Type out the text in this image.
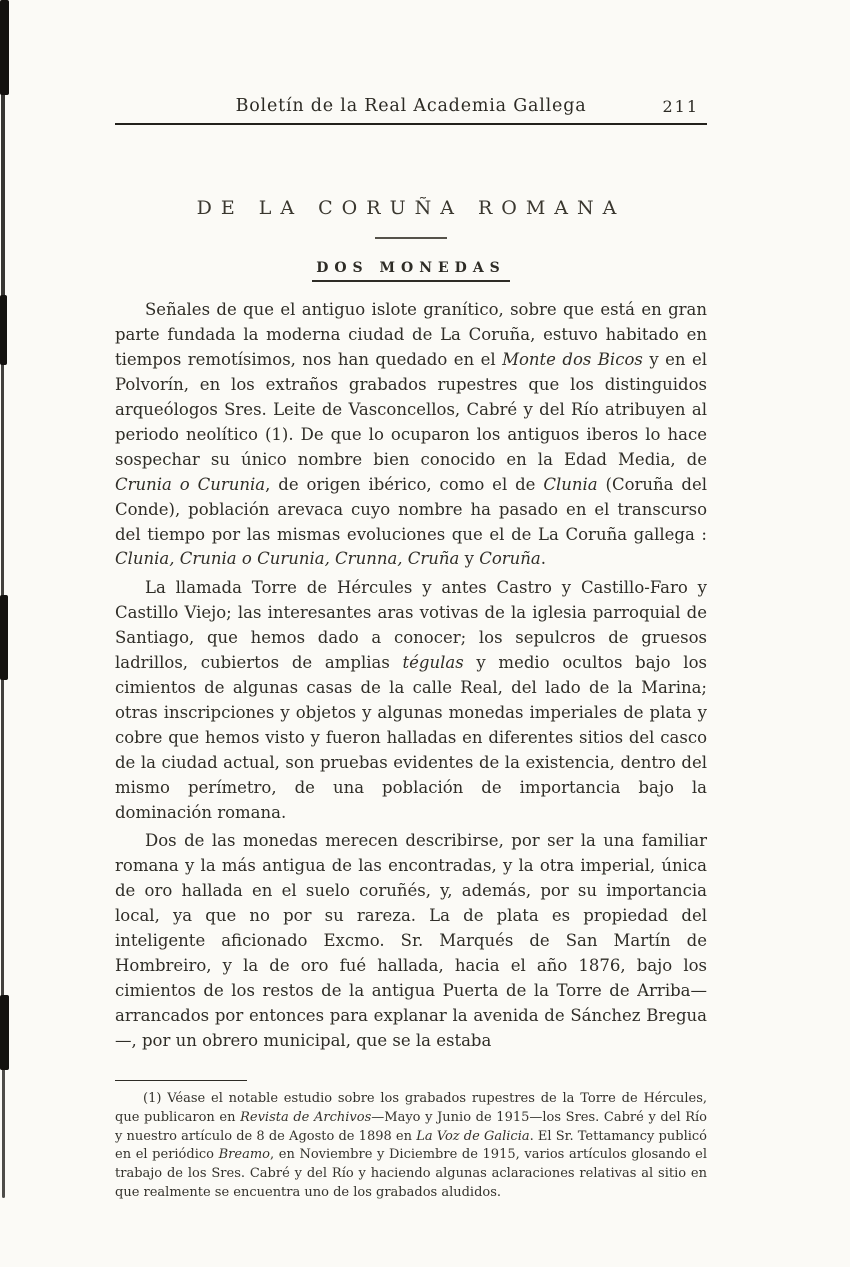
Boletín de la Real Academia Gallega	211
DE LA CORUÑA ROMANA
DOS MONEDAS

Señales de que el antiguo islote granítico, sobre que está en gran parte fundada la moderna ciudad de La Coruña, estuvo habitado en tiempos remotísimos, nos han quedado en el Monte dos Bicos y en el Polvorín, en los extraños grabados rupestres que los distinguidos arqueólogos Sres. Leite de Vasconcellos, Cabré y del Río atribuyen al periodo neolítico (1). De que lo ocuparon los antiguos iberos lo hace sospechar su único nombre bien conocido en la Edad Media, de Crunia o Curunia, de origen ibérico, como el de Clunia (Coruña del Conde), población arevaca cuyo nombre ha pasado en el transcurso del tiempo por las mismas evoluciones que el de La Coruña gallega : Clunia, Crunia o Curunia, Crunna, Cruña y Coruña.

La llamada Torre de Hércules y antes Castro y Castillo-Faro y Castillo Viejo; las interesantes aras votivas de la iglesia parroquial de Santiago, que hemos dado a conocer; los sepulcros de gruesos ladrillos, cubiertos de amplias tégulas y medio ocultos bajo los cimientos de algunas casas de la calle Real, del lado de la Marina; otras inscripciones y objetos y algunas monedas imperiales de plata y cobre que hemos visto y fueron halladas en diferentes sitios del casco de la ciudad actual, son pruebas evidentes de la existencia, dentro del mismo perímetro, de una población de importancia bajo la dominación romana.

Dos de las monedas merecen describirse, por ser la una familiar romana y la más antigua de las encontradas, y la otra imperial, única de oro hallada en el suelo coruñés, y, además, por su importancia local, ya que no por su rareza. La de plata es propiedad del inteligente aficionado Excmo. Sr. Marqués de San Martín de Hombreiro, y la de oro fué hallada, hacia el año 1876, bajo los cimientos de los restos de la antigua Puerta de la Torre de Arriba—arrancados por entonces para explanar la avenida de Sánchez Bregua—, por un obrero municipal, que se la estaba

(1) Véase el notable estudio sobre los grabados rupestres de la Torre de Hércules, que publicaron en Revista de Archivos—Mayo y Junio de 1915—los Sres. Cabré y del Río y nuestro artículo de 8 de Agosto de 1898 en La Voz de Galicia. El Sr. Tettamancy publicó en el periódico Breamo, en Noviembre y Diciembre de 1915, varios artículos glosando el trabajo de los Sres. Cabré y del Río y haciendo algunas aclaraciones relativas al sitio en que realmente se encuentra uno de los grabados aludidos.
